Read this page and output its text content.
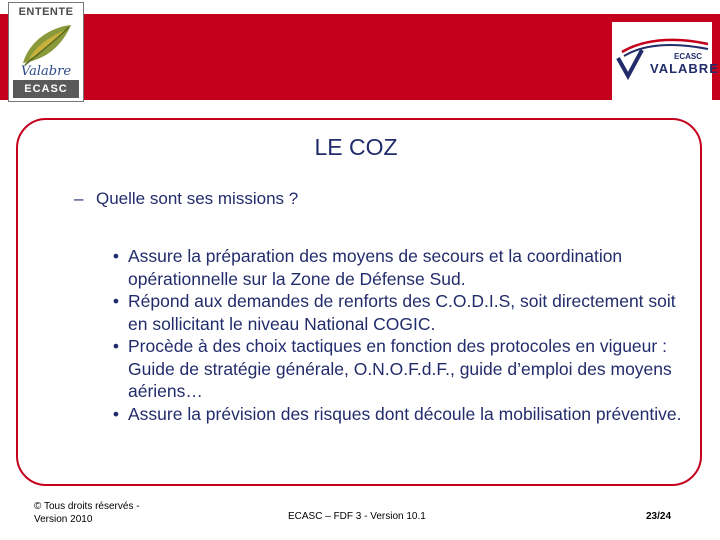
ENTENTE
Valabre
ECASC
ECASC
VALABRE
LE COZ
– Quelle sont ses missions ?
• Assure la préparation des moyens de secours et la coordination opérationnelle sur la Zone de Défense Sud.
• Répond aux demandes de renforts des C.O.D.I.S, soit directement soit en sollicitant le niveau National COGIC.
• Procède à des choix tactiques en fonction des protocoles en vigueur : Guide de stratégie générale, O.N.O.F.d.F., guide d’emploi des moyens aériens…
• Assure la prévision des risques dont découle la mobilisation préventive.
© Tous droits réservés -
Version 2010	ECASC – FDF 3 - Version 10.1	23/24
